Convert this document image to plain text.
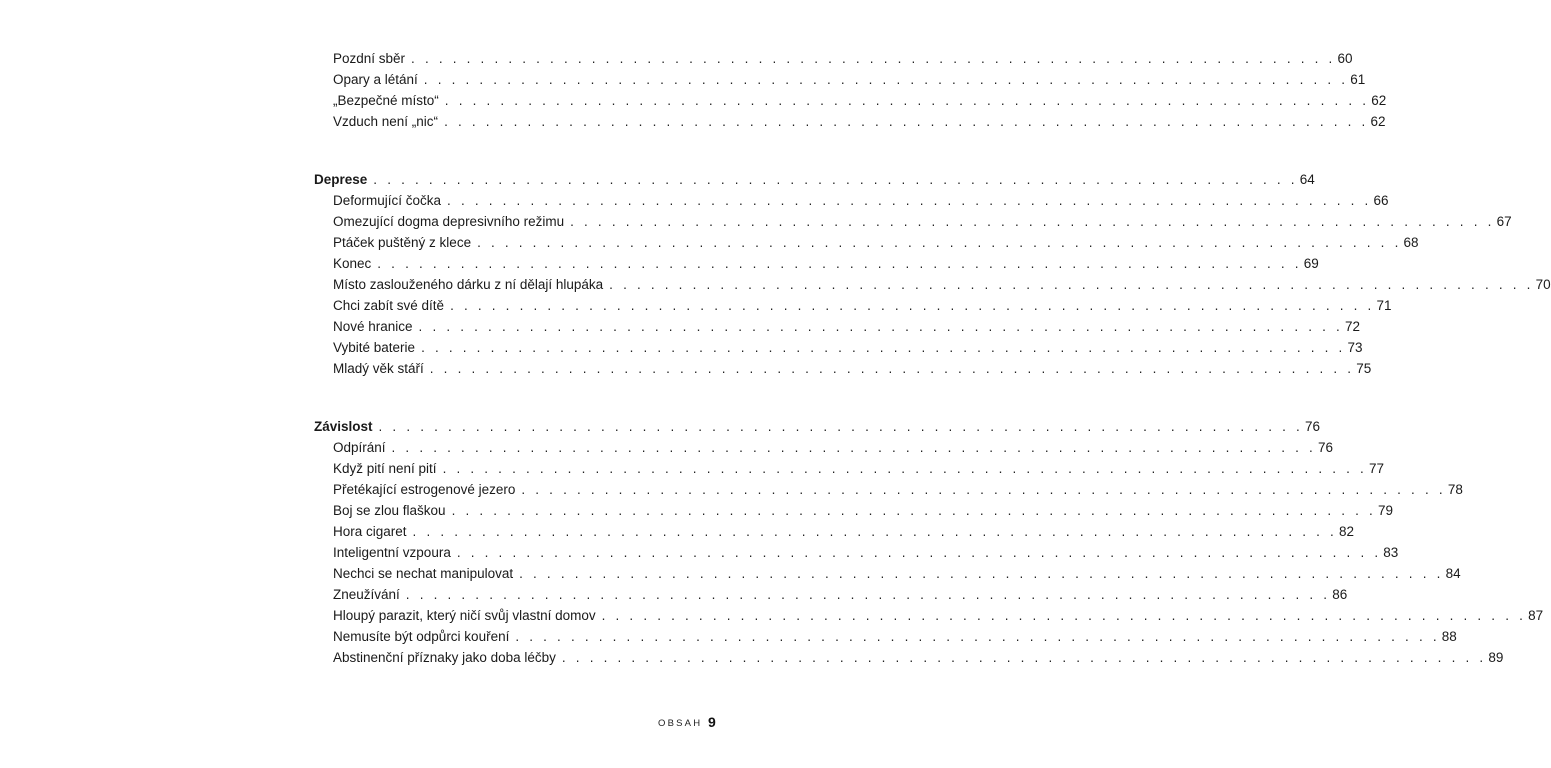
Pozdní sběr . . . . . . . . . . . . . . . . . . . . . . . . . . . . . . . . . . . . . . . . . . . . . . . . . . . . . . . . . . . . . . . . . . . 60
Opary a létání . . . . . . . . . . . . . . . . . . . . . . . . . . . . . . . . . . . . . . . . . . . . . . . . . . . . . . . . . . . . . . . . . . . 61
„Bezpečné místo“ . . . . . . . . . . . . . . . . . . . . . . . . . . . . . . . . . . . . . . . . . . . . . . . . . . . . . . . . . . . . . . . . . . . 62
Vzduch není „nic“ . . . . . . . . . . . . . . . . . . . . . . . . . . . . . . . . . . . . . . . . . . . . . . . . . . . . . . . . . . . . . . . . . . . 62
Deprese . . . . . . . . . . . . . . . . . . . . . . . . . . . . . . . . . . . . . . . . . . . . . . . . . . . . . . . . . . . . . . . . . . . 64
Deformující čočka . . . . . . . . . . . . . . . . . . . . . . . . . . . . . . . . . . . . . . . . . . . . . . . . . . . . . . . . . . . . . . . . . . . 66
Omezující dogma depresivního režimu . . . . . . . . . . . . . . . . . . . . . . . . . . . . . . . . . . . . . . . . . . . . . . . . . . . . . . . . . . . . . . . . . . . 67
Ptáček puštěný z klece . . . . . . . . . . . . . . . . . . . . . . . . . . . . . . . . . . . . . . . . . . . . . . . . . . . . . . . . . . . . . . . . . . . 68
Konec . . . . . . . . . . . . . . . . . . . . . . . . . . . . . . . . . . . . . . . . . . . . . . . . . . . . . . . . . . . . . . . . . . . 69
Místo zaslouženého dárku z ní dělají hlupáka . . . . . . . . . . . . . . . . . . . . . . . . . . . . . . . . . . . . . . . . . . . . . . . . . . . . . . . . . . . . . . . . . . . 70
Chci zabít své dítě . . . . . . . . . . . . . . . . . . . . . . . . . . . . . . . . . . . . . . . . . . . . . . . . . . . . . . . . . . . . . . . . . . . 71
Nové hranice . . . . . . . . . . . . . . . . . . . . . . . . . . . . . . . . . . . . . . . . . . . . . . . . . . . . . . . . . . . . . . . . . . . 72
Vybité baterie . . . . . . . . . . . . . . . . . . . . . . . . . . . . . . . . . . . . . . . . . . . . . . . . . . . . . . . . . . . . . . . . . . . 73
Mladý věk stáří . . . . . . . . . . . . . . . . . . . . . . . . . . . . . . . . . . . . . . . . . . . . . . . . . . . . . . . . . . . . . . . . . . . 75
Závislost . . . . . . . . . . . . . . . . . . . . . . . . . . . . . . . . . . . . . . . . . . . . . . . . . . . . . . . . . . . . . . . . . . . 76
Odpírání . . . . . . . . . . . . . . . . . . . . . . . . . . . . . . . . . . . . . . . . . . . . . . . . . . . . . . . . . . . . . . . . . . . 76
Když pití není pití . . . . . . . . . . . . . . . . . . . . . . . . . . . . . . . . . . . . . . . . . . . . . . . . . . . . . . . . . . . . . . . . . . . 77
Přetékající estrogenové jezero . . . . . . . . . . . . . . . . . . . . . . . . . . . . . . . . . . . . . . . . . . . . . . . . . . . . . . . . . . . . . . . . . . . 78
Boj se zlou flaškou . . . . . . . . . . . . . . . . . . . . . . . . . . . . . . . . . . . . . . . . . . . . . . . . . . . . . . . . . . . . . . . . . . . 79
Hora cigaret . . . . . . . . . . . . . . . . . . . . . . . . . . . . . . . . . . . . . . . . . . . . . . . . . . . . . . . . . . . . . . . . . . . 82
Inteligentní vzpoura . . . . . . . . . . . . . . . . . . . . . . . . . . . . . . . . . . . . . . . . . . . . . . . . . . . . . . . . . . . . . . . . . . . 83
Nechci se nechat manipulovat . . . . . . . . . . . . . . . . . . . . . . . . . . . . . . . . . . . . . . . . . . . . . . . . . . . . . . . . . . . . . . . . . . . 84
Zneužívání . . . . . . . . . . . . . . . . . . . . . . . . . . . . . . . . . . . . . . . . . . . . . . . . . . . . . . . . . . . . . . . . . . . 86
Hloupý parazit, který ničí svůj vlastní domov . . . . . . . . . . . . . . . . . . . . . . . . . . . . . . . . . . . . . . . . . . . . . . . . . . . . . . . . . . . . . . . . . . . 87
Nemusíte být odpůrci kouření . . . . . . . . . . . . . . . . . . . . . . . . . . . . . . . . . . . . . . . . . . . . . . . . . . . . . . . . . . . . . . . . . . . 88
Abstinenční příznaky jako doba léčby . . . . . . . . . . . . . . . . . . . . . . . . . . . . . . . . . . . . . . . . . . . . . . . . . . . . . . . . . . . . . . . . . . . 89
OBSAH 9
